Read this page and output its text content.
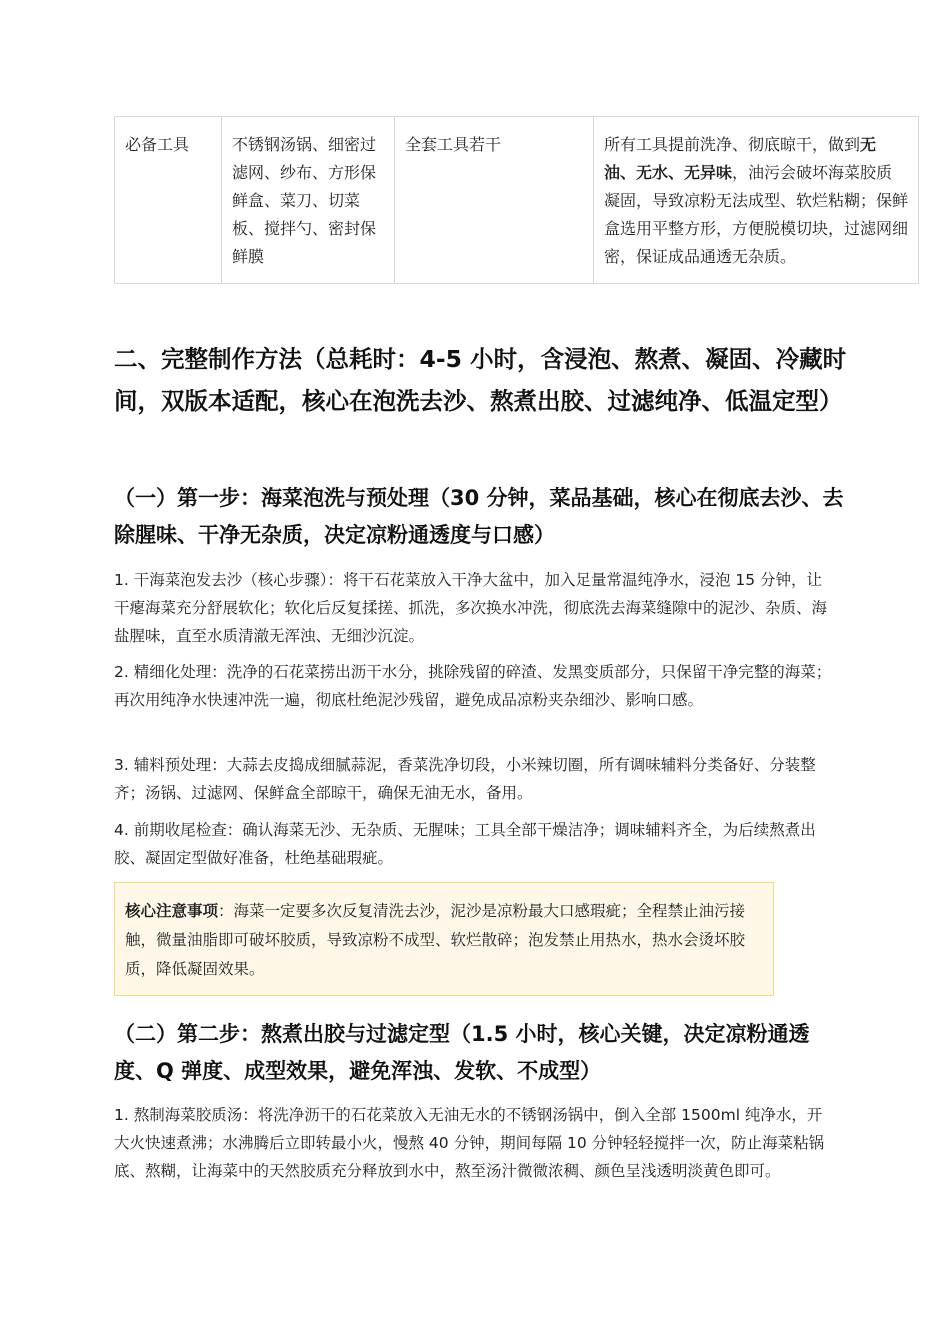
必备工具	不锈钢汤锅、细密过滤网、纱布、方形保鲜盒、菜刀、切菜板、搅拌勺、密封保鲜膜	全套工具若干	所有工具提前洗净、彻底晾干，做到无油、无水、无异味，油污会破坏海菜胶质凝固，导致凉粉无法成型、软烂粘糊；保鲜盒选用平整方形，方便脱模切块，过滤网细密，保证成品通透无杂质。
二、完整制作方法（总耗时：4-5 小时，含浸泡、熬煮、凝固、冷藏时间，双版本适配，核心在泡洗去沙、熬煮出胶、过滤纯净、低温定型）
（一）第一步：海菜泡洗与预处理（30 分钟，菜品基础，核心在彻底去沙、去除腥味、干净无杂质，决定凉粉通透度与口感）

1. 干海菜泡发去沙（核心步骤）：将干石花菜放入干净大盆中，加入足量常温纯净水，浸泡 15 分钟，让干瘪海菜充分舒展软化；软化后反复揉搓、抓洗，多次换水冲洗，彻底洗去海菜缝隙中的泥沙、杂质、海盐腥味，直至水质清澈无浑浊、无细沙沉淀。

2. 精细化处理：洗净的石花菜捞出沥干水分，挑除残留的碎渣、发黑变质部分，只保留干净完整的海菜；再次用纯净水快速冲洗一遍，彻底杜绝泥沙残留，避免成品凉粉夹杂细沙、影响口感。

3. 辅料预处理：大蒜去皮捣成细腻蒜泥，香菜洗净切段，小米辣切圈，所有调味辅料分类备好、分装整齐；汤锅、过滤网、保鲜盒全部晾干，确保无油无水，备用。

4. 前期收尾检查：确认海菜无沙、无杂质、无腥味；工具全部干燥洁净；调味辅料齐全，为后续熬煮出胶、凝固定型做好准备，杜绝基础瑕疵。

核心注意事项：海菜一定要多次反复清洗去沙，泥沙是凉粉最大口感瑕疵；全程禁止油污接触，微量油脂即可破坏胶质，导致凉粉不成型、软烂散碎；泡发禁止用热水，热水会烫坏胶质，降低凝固效果。
（二）第二步：熬煮出胶与过滤定型（1.5 小时，核心关键，决定凉粉通透度、Q 弹度、成型效果，避免浑浊、发软、不成型）

1. 熬制海菜胶质汤：将洗净沥干的石花菜放入无油无水的不锈钢汤锅中，倒入全部 1500ml 纯净水，开大火快速煮沸；水沸腾后立即转最小火，慢熬 40 分钟，期间每隔 10 分钟轻轻搅拌一次，防止海菜粘锅底、熬糊，让海菜中的天然胶质充分释放到水中，熬至汤汁微微浓稠、颜色呈浅透明淡黄色即可。
